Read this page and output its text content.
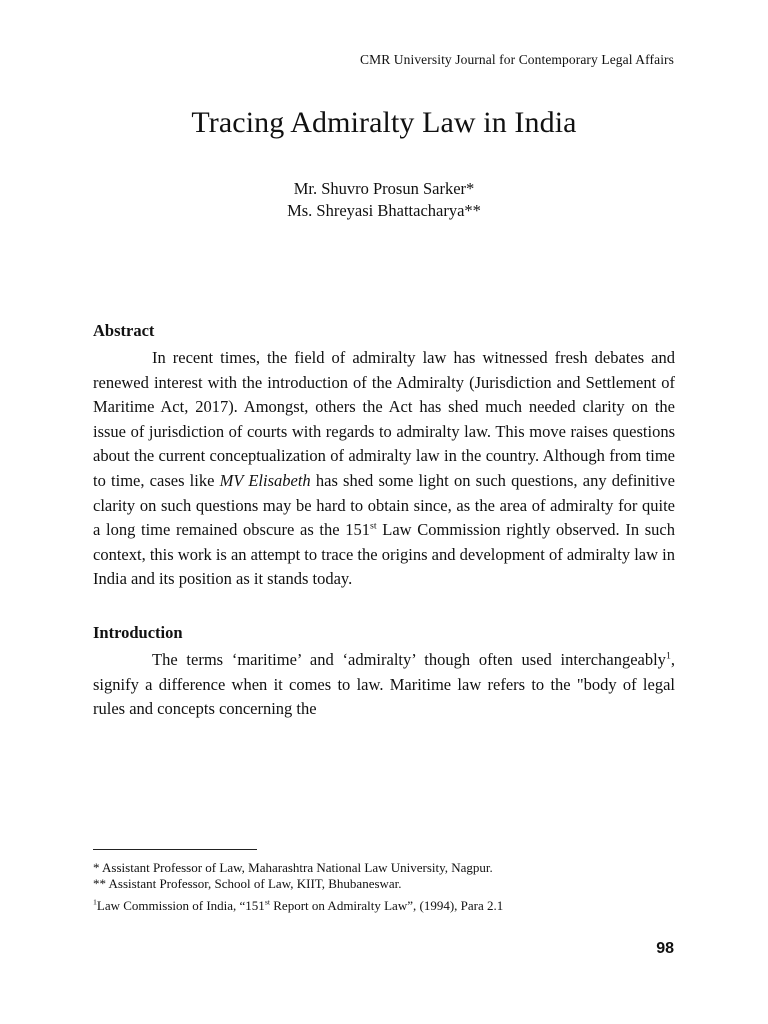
CMR University Journal for Contemporary Legal Affairs
Tracing Admiralty Law in India
Mr. Shuvro Prosun Sarker*
Ms. Shreyasi Bhattacharya**

Abstract

In recent times, the field of admiralty law has witnessed fresh debates and renewed interest with the introduction of the Admiralty (Jurisdiction and Settlement of Maritime Act, 2017). Amongst, others the Act has shed much needed clarity on the issue of jurisdiction of courts with regards to admiralty law. This move raises questions about the current conceptualization of admiralty law in the country. Although from time to time, cases like MV Elisabeth has shed some light on such questions, any definitive clarity on such questions may be hard to obtain since, as the area of admiralty for quite a long time remained obscure as the 151st Law Commission rightly observed. In such context, this work is an attempt to trace the origins and development of admiralty law in India and its position as it stands today.

Introduction

The terms ‘maritime’ and ‘admiralty’ though often used interchangeably$^1$, signify a difference when it comes to law. Maritime law refers to the "body of legal rules and concepts concerning the

* Assistant Professor of Law, Maharashtra National Law University, Nagpur.

** Assistant Professor, School of Law, KIIT, Bhubaneswar.

$^1$Law Commission of India, “151st Report on Admiralty Law”, (1994), Para 2.1

98
